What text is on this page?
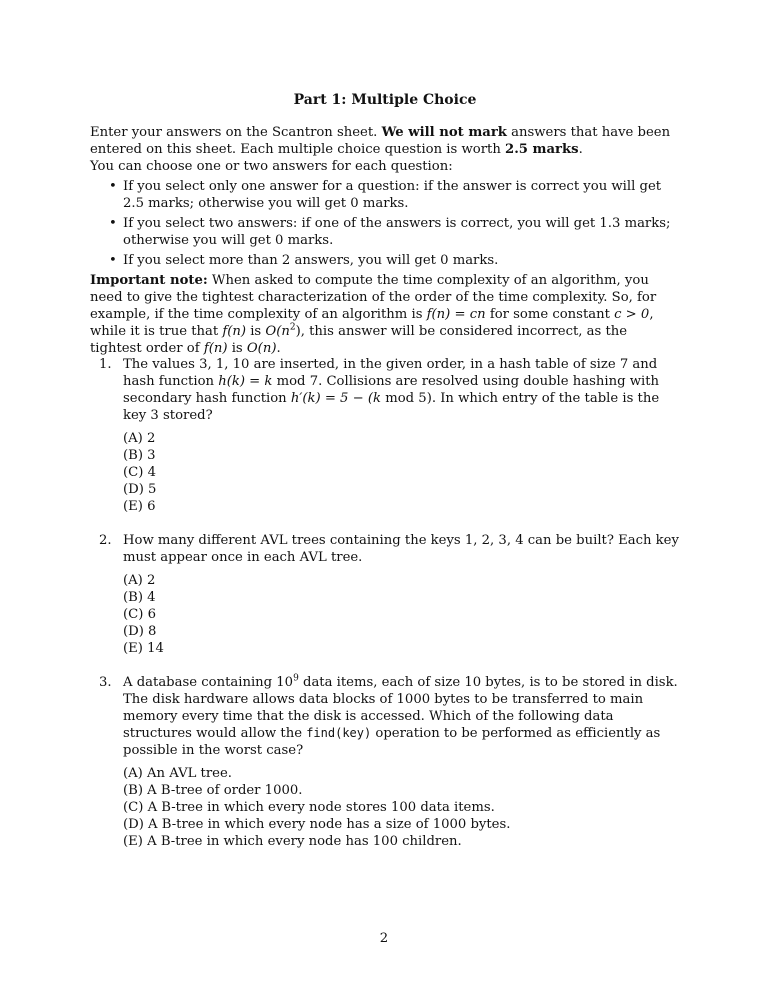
Part 1: Multiple Choice

Enter your answers on the Scantron sheet. We will not mark answers that have been entered on this sheet. Each multiple choice question is worth 2.5 marks.

You can choose one or two answers for each question:

• If you select only one answer for a question: if the answer is correct you will get 2.5 marks; otherwise you will get 0 marks.
• If you select two answers: if one of the answers is correct, you will get 1.3 marks; otherwise you will get 0 marks.
• If you select more than 2 answers, you will get 0 marks.

Important note: When asked to compute the time complexity of an algorithm, you need to give the tightest characterization of the order of the time complexity. So, for example, if the time complexity of an algorithm is f(n) = cn for some constant c > 0, while it is true that f(n) is $O(n^2)$, this answer will be considered incorrect, as the tightest order of f(n) is O(n).

1. The values 3, 1, 10 are inserted, in the given order, in a hash table of size 7 and hash function h(k) = k mod 7. Collisions are resolved using double hashing with secondary hash function h′(k) = 5 − (k mod 5). In which entry of the table is the key 3 stored?

(A) 2
(B) 3
(C) 4
(D) 5
(E) 6
2. How many different AVL trees containing the keys 1, 2, 3, 4 can be built? Each key must appear once in each AVL tree.

(A) 2
(B) 4
(C) 6
(D) 8
(E) 14
3. A database containing $10^9$ data items, each of size 10 bytes, is to be stored in disk. The disk hardware allows data blocks of 1000 bytes to be transferred to main memory every time that the disk is accessed. Which of the following data structures would allow the find(key) operation to be performed as efficiently as possible in the worst case?

(A) An AVL tree.
(B) A B-tree of order 1000.
(C) A B-tree in which every node stores 100 data items.
(D) A B-tree in which every node has a size of 1000 bytes.
(E) A B-tree in which every node has 100 children.
2
